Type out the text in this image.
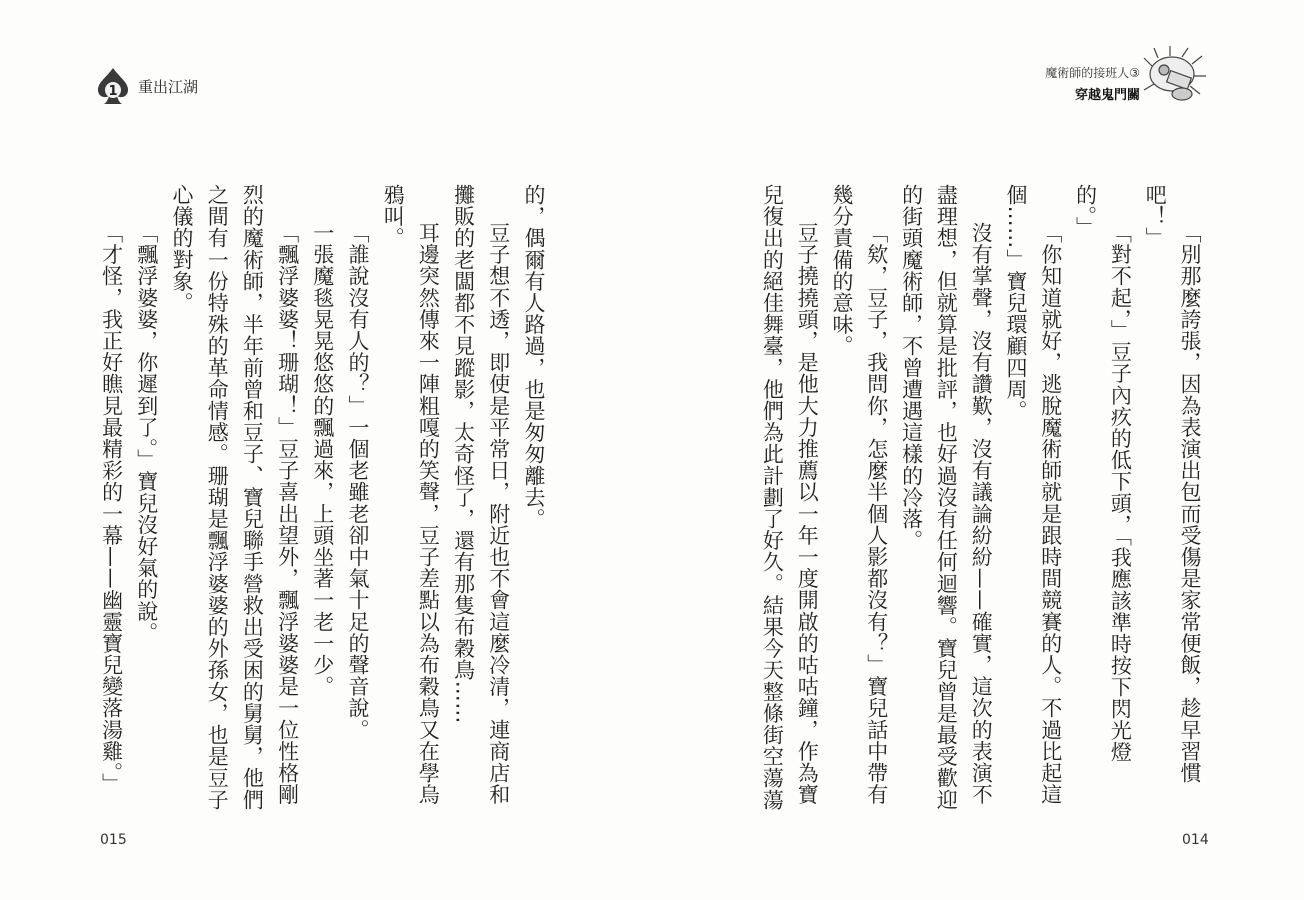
1 重出江湖
015
的，偶爾有人路過，也是匆匆離去。
豆子想不透，即使是平常日，附近也不會這麼冷清，連商店和
攤販的老闆都不見蹤影，太奇怪了，還有那隻布穀鳥……
耳邊突然傳來一陣粗嘎的笑聲，豆子差點以為布穀鳥又在學烏
鴉叫。
「誰說沒有人的？」一個老雖老卻中氣十足的聲音說。
一張魔毯晃晃悠悠的飄過來，上頭坐著一老一少。
「飄浮婆婆！珊瑚！」豆子喜出望外，飄浮婆婆是一位性格剛
烈的魔術師，半年前曾和豆子、寶兒聯手營救出受困的舅舅，他們
之間有一份特殊的革命情感。珊瑚是飄浮婆婆的外孫女，也是豆子
心儀的對象。
「飄浮婆婆，你遲到了。」寶兒沒好氣的說。
「才怪，我正好瞧見最精彩的一幕——幽靈寶兒變落湯雞。」
魔術師的接班人③
穿越鬼門關
014
「別那麼誇張，因為表演出包而受傷是家常便飯，趁早習慣
吧！」
「對不起，」豆子內疚的低下頭，「我應該準時按下閃光燈
的。」
「你知道就好，逃脫魔術師就是跟時間競賽的人。不過比起這
個……」寶兒環顧四周。
沒有掌聲，沒有讚歎，沒有議論紛紛——確實，這次的表演不
盡理想，但就算是批評，也好過沒有任何迴響。寶兒曾是最受歡迎
的街頭魔術師，不曾遭遇這樣的冷落。
「欸，豆子，我問你，怎麼半個人影都沒有？」寶兒話中帶有
幾分責備的意味。
豆子撓撓頭，是他大力推薦以一年一度開啟的咕咕鐘，作為寶
兒復出的絕佳舞臺，他們為此計劃了好久。結果今天整條街空蕩蕩
